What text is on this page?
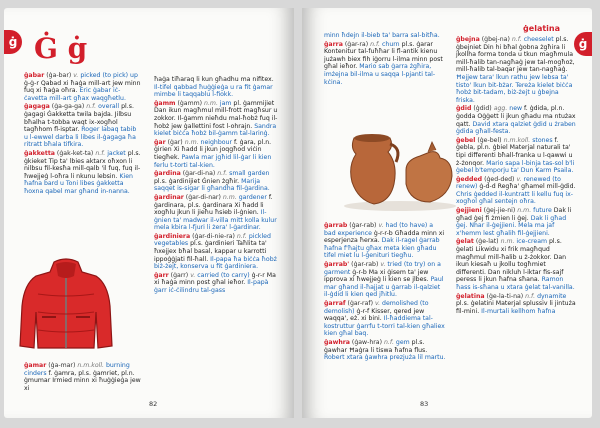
ġ Ġ ġ

ġabar (ġa-bar) v. picked (to pick) up ġ-ġ-r Qabad xi ħaġa mill-art jew minn fuq xi ħaġa oħra. Eric ġabar iċ-ċavetta mill-art għax waqgħetlu.

ġagaga (ġa-ga-ga) n.f. overall pl.s. ġagagi Ġakketta twila bajda. Jilbsu bħalha t-tobba waqt ix-xogħol tagħhom fl-isptar. Roger labaq tabib u l-ewwel darba li libes il-ġagaga ħa ritratt bħala tifkira.

ġakketta (ġak-ket-ta) n.f. jacket pl.s. ġkieket Tip ta' lbies aktarx oħxon li nilbsu fil-kesħa mill-qalb 'il fuq, fuq il-ħwejjeġ l-oħra li nkunu lebsin. Kien ħafna bard u Toni libes ġakketta ħoxna qabel mar għand in-nanna.

ġamar (ġa-mar) n.m.koll. burning cinders f. ġamra, pl.s. ġamriet, pl.n. ġmumar Irmied minn xi ħuġġieġa jew xi

ħaġa tiħaraq li kun għadhu ma nifitex. Il-tifel qabbad ħuġġieġa u ra fit ġamar mimbe li taqqablu l-fiokk.

ġamm (ġamm) n.m. jam pl. ġammijiet Dan ikun magħmul mill-frott magħsur u zokkor. Il-ġamm nieħdu mal-ħobż fuq il-ħobż jew ġallettini fost l-ohrajn. Sandra kielet biċċa ħobż bil-ġamm tal-larinġ.

ġar (ġar) n.m. neighbour f. ġara, pl.n. ġirien Xi ħadd li jkun joqgħod viċin tiegħek. Pawla mar jgħid lil-ġar li kien ferlu t-torti tal-kien.

ġardina (ġar-di-na) n.f. small garden pl.s. ġardinijiet Ġnien żgħir. Marija saqqet is-sigar li għandha fil-ġardina.

ġardinar (ġar-di-nar) n.m. gardener f. ġardinara, pl.s. ġardinara Xi ħadd li xogħlu jkun li jieħu ħsieb il-ġnien. Il-ġnien ta' madwar il-villa mitt kolla kulur mela kbira l-fjuri li żera' l-ġardinar.

ġardiniera (ġar-di-nie-ra) n.f. pickled vegetables pl.s. ġardinieri Taħlita ta' ħxejjex bħal basal, kappar u karrotti ippoġġjati fil-ħall. Il-papa ħa biċċa ħobż biż-żejt, konserva u fit ġardiniera.

ġarr (ġarr) v. carried (to carry) ġ-r-r Ma xi ħaġa minn post għal ieħor. Il-papà ġarr iċ-ċilindru tal-gass

82
ġelatina
ġ

minn ħdejn il-bieb ta' barra sal-bitħa.

ġarra (ġar-ra) n.f. churn pl.s. ġarar Kontenitur tal-fuħħar li fl-antik kienu jużawh biex fih iġorru l-ilma minn post għal ieħor. Mario sab ġarra żgħira, imżejna bil-ilma u saqqa l-pjanti tal-kċina.

ġarrab (ġar-rab) v. had (to have) a bad experience ġ-r-r-b Għadda minn xi esperjenza ħerxa. Dak il-ragel ġarrab ħafna f'ħajtu għax meta kien għadu tifel miet lu l-ġenituri tiegħu.

ġarrab' (ġar-rab) v. tried (to try) on a garment ġ-r-b Ma xi ġisem ta' jew ipprova xi ħwejjeġ li kien se jlbes. Paul mar għand il-ħajjat u ġarrab il-qalziet il-ġdid li kien qed jħitlu.

ġarraf (ġar-raf) v. demolished (to demolish) ġ-r-f Kisser, qered jew waqqa', eż. xi bini. Il-ħaddiema tal-kostruttur ġarrfu t-torri tal-kien għaliex kien għal baq.

ġawhra (ġaw-hra) n.f. gem pl.s. ġawhar Ħaġra li tiswa ħafna flus. Robert xtara ġawhra prezjuża lil martu.

ġbejna (ġbej-na) n.f. cheeselet pl.s. ġbejniet Din hi bħal ġobna żgħira li jkollha forma tonda u tkun magħmula mill-ħalib tan-nagħaġ jew tal-mogħoż, mill-ħalib tal-baqar jew tan-nagħaġ. Ħejjew tara' lkun rathu jew lebsa ta' tisto' lkun bit-bżar. Tereża kielet biċċa ħobż bit-tadam, biż-żejt u ġbejna friska.

ġdid (ġdid) agg. new f. ġdida, pl.n. ġodda Oġġett li jkun għadu ma ntużax qatt. David xtara qalziet ġdid u żraben ġdida għall-festa.

ġebel (ġe-bel) n.m.koll. stones f. ġebla, pl.n. ġbiel Materjal naturali ta' tipi differenti bħall-franka u l-qawwi u ż-żonqor. Mario sapa l-binja tas-sol b'li ġebel b'temporju ta' Dun Karm Psaila.

ġedded (ġed-ded) v. renewed (to renew) ġ-d-d Regħa' għamel mill-ġdid. Chris ġedded il-kuntratt li kellu fuq ix-xogħol għal sentejn oħra.

ġejjieni (ġej-jie-ni) n.m. future Dak li għad ġej fi żmien li ġej. Dak li għad ġej. Nhar il-ġejjieni. Mela ma jaf x'hemm lest għalih fil-ġejjieni.

ġelat (ġe-lat) n.m. ice-cream pl.s. ġelati Likwidu xi frik magħqud magħmul mill-ħalib u ż-żokkor. Dan ikun kiesaħ u jkollu togħmiet differenti. Dan nikluh l-iktar fis-sajf peress li jkun ħafna sħana. Ramon ħass is-sħana u xtara ġelat tal-vanilla.

ġelatina (ġe-la-ti-na) n.f. dynamite pl.s. ġelatini Materjal splussiv li jintuża fil-mini. Il-murtali kellhom ħafna

83
